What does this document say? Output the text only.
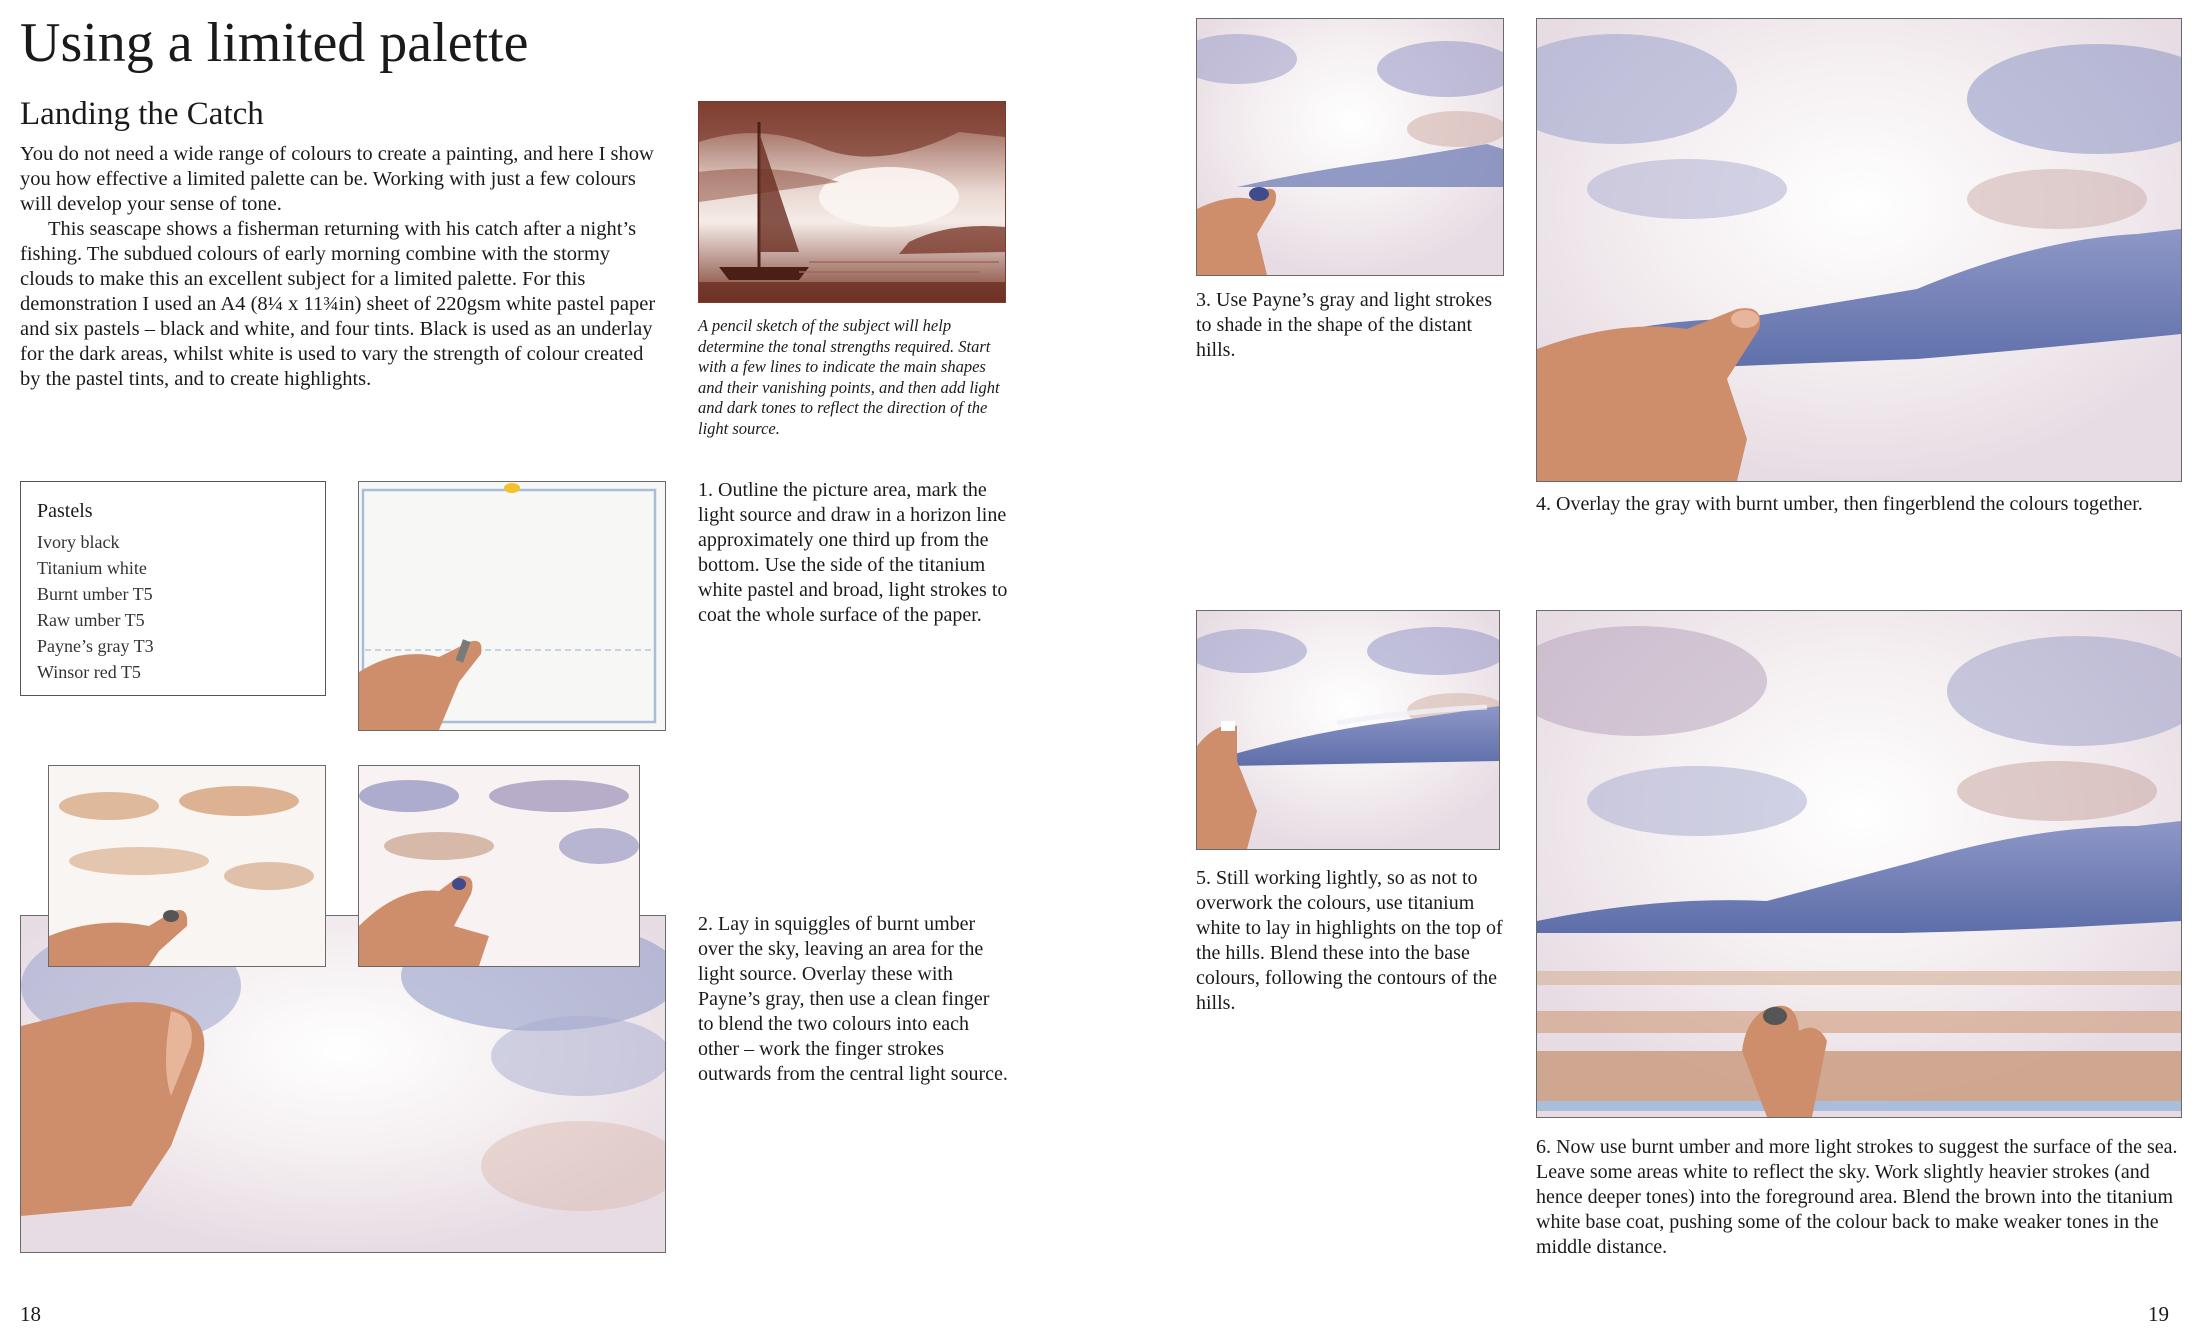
Using a limited palette
Landing the Catch

You do not need a wide range of colours to create a painting, and here I show you how effective a limited palette can be. Working with just a few colours will develop your sense of tone.

This seascape shows a fisherman returning with his catch after a night’s fishing. The subdued colours of early morning combine with the stormy clouds to make this an excellent subject for a limited palette. For this demonstration I used an A4 (8¼ x 11¾in) sheet of 220gsm white pastel paper and six pastels – black and white, and four tints. Black is used as an underlay for the dark areas, whilst white is used to vary the strength of colour created by the pastel tints, and to create highlights.

A pencil sketch of the subject will help determine the tonal strengths required. Start with a few lines to indicate the main shapes and their vanishing points, and then add light and dark tones to reflect the direction of the light source.
Pastels
Ivory black
Titanium white
Burnt umber T5
Raw umber T5
Payne’s gray T3
Winsor red T5
1. Outline the picture area, mark the light source and draw in a horizon line approximately one third up from the bottom. Use the side of the titanium white pastel and broad, light strokes to coat the whole surface of the paper.
2. Lay in squiggles of burnt umber over the sky, leaving an area for the light source. Overlay these with Payne’s gray, then use a clean finger to blend the two colours into each other – work the finger strokes outwards from the central light source.
18
3. Use Payne’s gray and light strokes to shade in the shape of the distant hills.
4. Overlay the gray with burnt umber, then fingerblend the colours together.
5. Still working lightly, so as not to overwork the colours, use titanium white to lay in highlights on the top of the hills. Blend these into the base colours, following the contours of the hills.
6. Now use burnt umber and more light strokes to suggest the surface of the sea. Leave some areas white to reflect the sky. Work slightly heavier strokes (and hence deeper tones) into the foreground area. Blend the brown into the titanium white base coat, pushing some of the colour back to make weaker tones in the middle distance.
19
